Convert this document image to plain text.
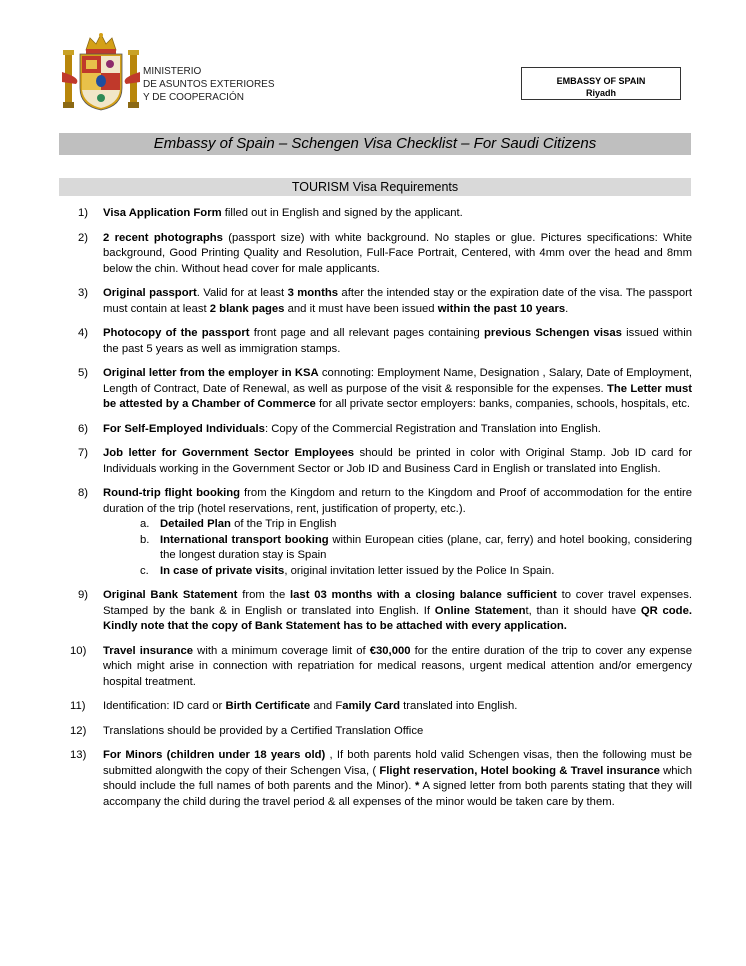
MINISTERIO
DE ASUNTOS EXTERIORES
Y DE COOPERACIÓN
EMBASSY OF SPAIN
Riyadh
Embassy of Spain – Schengen Visa Checklist – For Saudi Citizens
TOURISM Visa Requirements
1) Visa Application Form filled out in English and signed by the applicant.
2) 2 recent photographs (passport size) with white background. No staples or glue. Pictures specifications: White background, Good Printing Quality and Resolution, Full-Face Portrait, Centered, with 4mm over the head and 8mm below the chin. Without head cover for male applicants.
3) Original passport. Valid for at least 3 months after the intended stay or the expiration date of the visa. The passport must contain at least 2 blank pages and it must have been issued within the past 10 years.
4) Photocopy of the passport front page and all relevant pages containing previous Schengen visas issued within the past 5 years as well as immigration stamps.
5) Original letter from the employer in KSA connoting: Employment Name, Designation , Salary, Date of Employment, Length of Contract, Date of Renewal, as well as purpose of the visit & responsible for the expenses. The Letter must be attested by a Chamber of Commerce for all private sector employers: banks, companies, schools, hospitals, etc.
6) For Self-Employed Individuals: Copy of the Commercial Registration and Translation into English.
7) Job letter for Government Sector Employees should be printed in color with Original Stamp. Job ID card for Individuals working in the Government Sector or Job ID and Business Card in English or translated into English.
8) Round-trip flight booking from the Kingdom and return to the Kingdom and Proof of accommodation for the entire duration of the trip (hotel reservations, rent, justification of property, etc.).
a. Detailed Plan of the Trip in English
b. International transport booking within European cities (plane, car, ferry) and hotel booking, considering the longest duration stay is Spain
c. In case of private visits, original invitation letter issued by the Police In Spain.
9) Original Bank Statement from the last 03 months with a closing balance sufficient to cover travel expenses. Stamped by the bank & in English or translated into English. If Online Statement, than it should have QR code. Kindly note that the copy of Bank Statement has to be attached with every application.
10) Travel insurance with a minimum coverage limit of €30,000 for the entire duration of the trip to cover any expense which might arise in connection with repatriation for medical reasons, urgent medical attention and/or emergency hospital treatment.
11) Identification: ID card or Birth Certificate and Family Card translated into English.
12) Translations should be provided by a Certified Translation Office
13) For Minors (children under 18 years old) , If both parents hold valid Schengen visas, then the following must be submitted alongwith the copy of their Schengen Visa, ( Flight reservation, Hotel booking & Travel insurance which should include the full names of both parents and the Minor). * A signed letter from both parents stating that they will accompany the child during the travel period & all expenses of the minor would be taken care by them.
